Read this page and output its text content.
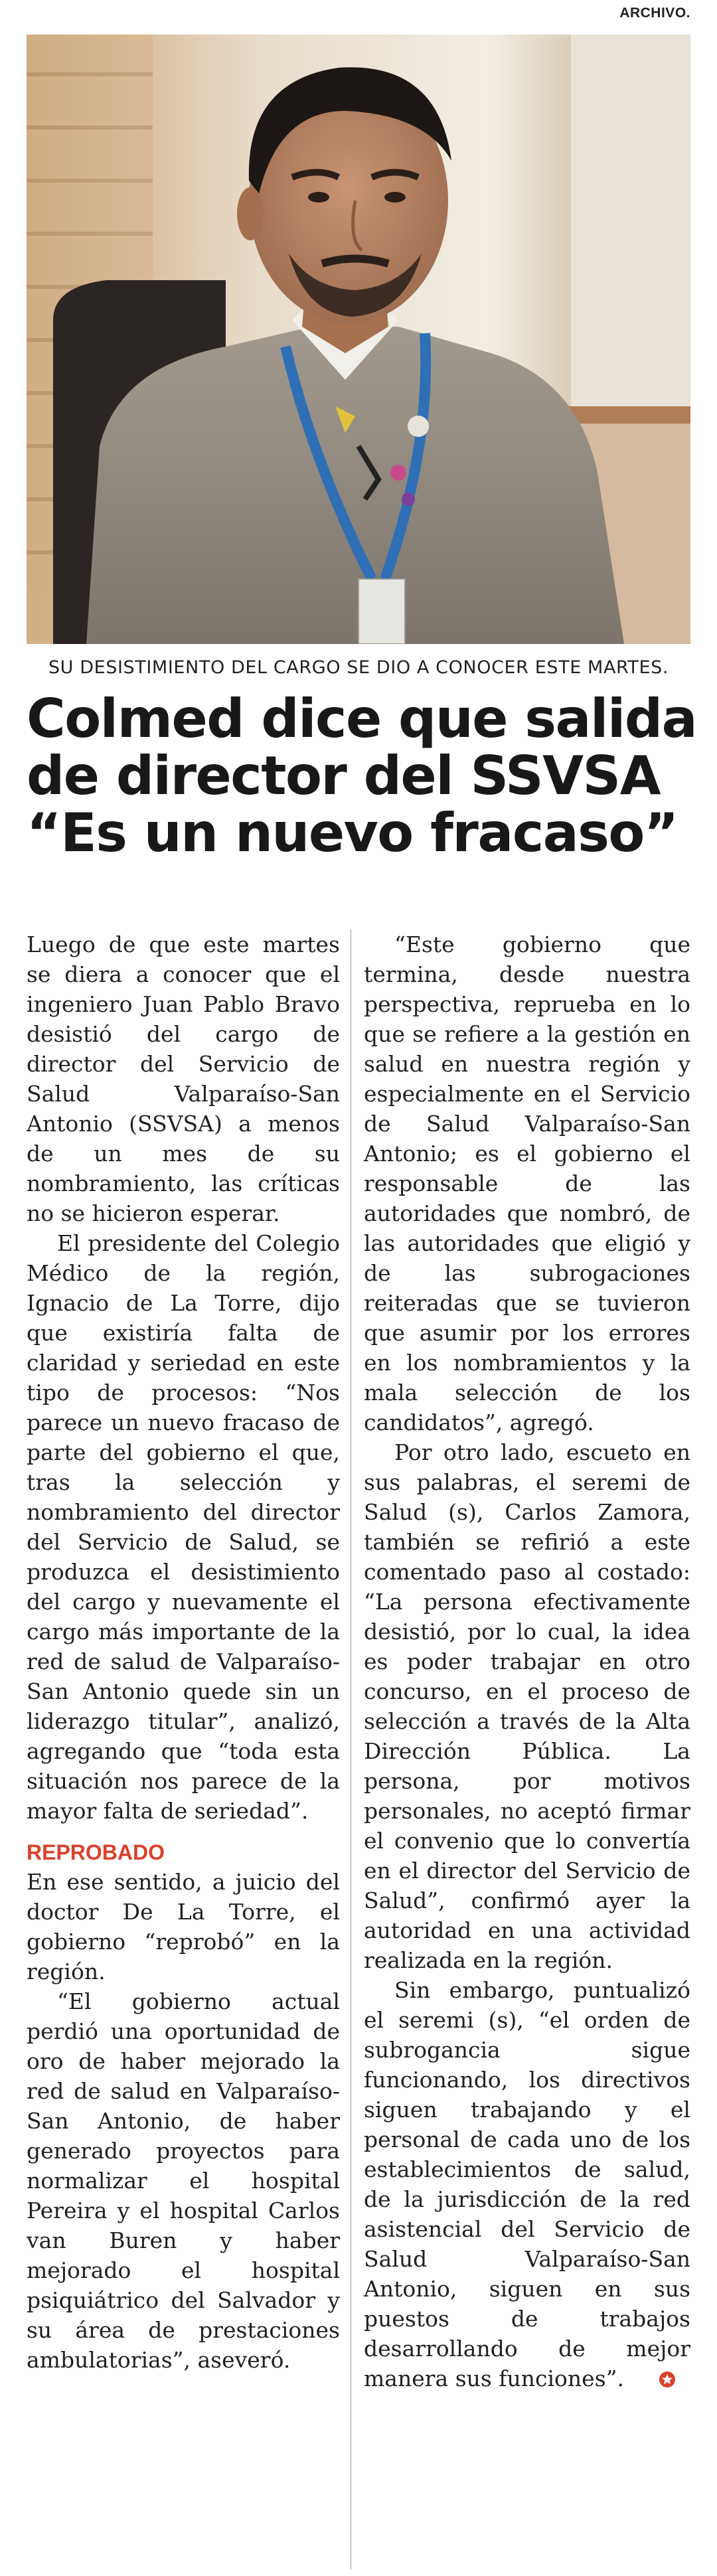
ARCHIVO.
SU DESISTIMIENTO DEL CARGO SE DIO A CONOCER ESTE MARTES.
Colmed dice que salida
de director del SSVSA
“Es un nuevo fracaso”

Luego de que este martes se diera a conocer que el ingeniero Juan Pablo Bravo desistió del cargo de director del Servicio de Salud Valparaíso-San Antonio (SSVSA) a menos de un mes de su nombramiento, las críticas no se hicieron esperar.

El presidente del Colegio Médico de la región, Ignacio de La Torre, dijo que existiría falta de claridad y seriedad en este tipo de procesos: “Nos parece un nuevo fracaso de parte del gobierno el que, tras la selección y nombramiento del director del Servicio de Salud, se produzca el desistimiento del cargo y nuevamente el cargo más importante de la red de salud de Valparaíso-San Antonio quede sin un liderazgo titular”, analizó, agregando que “toda esta situación nos parece de la mayor falta de seriedad”.

REPROBADO

En ese sentido, a juicio del doctor De La Torre, el gobierno “reprobó” en la región.

“El gobierno actual perdió una oportunidad de oro de haber mejorado la red de salud en Valparaíso-San Antonio, de haber generado proyectos para normalizar el hospital Pereira y el hospital Carlos van Buren y haber mejorado el hospital psiquiátrico del Salvador y su área de prestaciones ambulatorias”, aseveró.

“Este gobierno que termina, desde nuestra perspectiva, reprueba en lo que se refiere a la gestión en salud en nuestra región y especialmente en el Servicio de Salud Valparaíso-San Antonio; es el gobierno el responsable de las autoridades que nombró, de las autoridades que eligió y de las subrogaciones reiteradas que se tuvieron que asumir por los errores en los nombramientos y la mala selección de los candidatos”, agregó.

Por otro lado, escueto en sus palabras, el seremi de Salud (s), Carlos Zamora, también se refirió a este comentado paso al costado: “La persona efectivamente desistió, por lo cual, la idea es poder trabajar en otro concurso, en el proceso de selección a través de la Alta Dirección Pública. La persona, por motivos personales, no aceptó firmar el convenio que lo convertía en el director del Servicio de Salud”, confirmó ayer la autoridad en una actividad realizada en la región.

Sin embargo, puntualizó el seremi (s), “el orden de subrogancia sigue funcionando, los directivos siguen trabajando y el personal de cada uno de los establecimientos de salud, de la jurisdicción de la red asistencial del Servicio de Salud Valparaíso-San Antonio, siguen en sus puestos de trabajos desarrollando de mejor manera sus funciones”.
